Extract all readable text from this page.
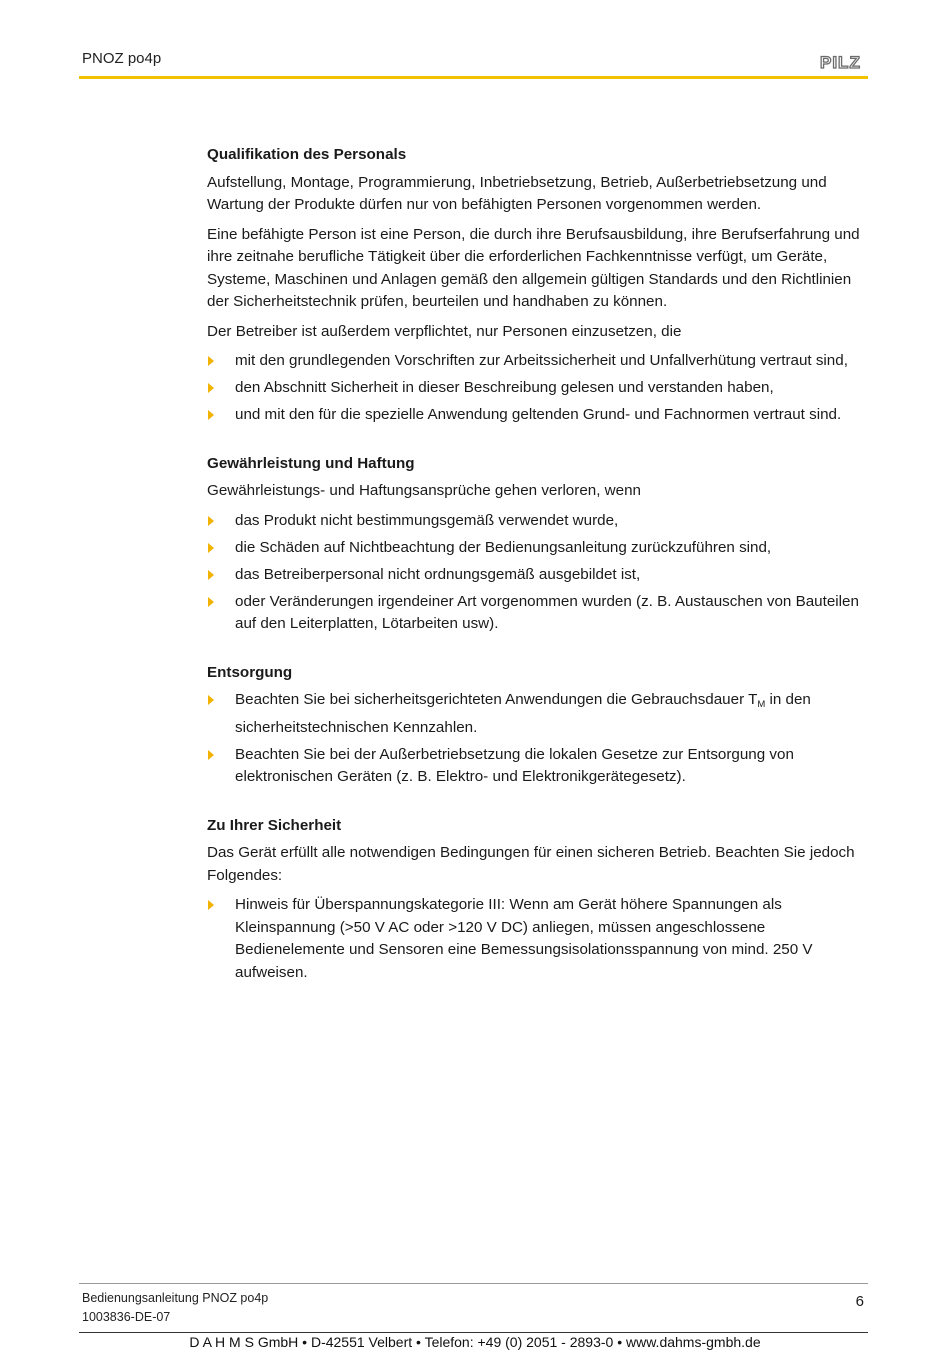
PNOZ po4p	PILZ
Qualifikation des Personals

Aufstellung, Montage, Programmierung, Inbetriebsetzung, Betrieb, Außerbetriebsetzung und Wartung der Produkte dürfen nur von befähigten Personen vorgenommen werden.

Eine befähigte Person ist eine Person, die durch ihre Berufsausbildung, ihre Berufserfahrung und ihre zeitnahe berufliche Tätigkeit über die erforderlichen Fachkenntnisse verfügt, um Geräte, Systeme, Maschinen und Anlagen gemäß den allgemein gültigen Standards und den Richtlinien der Sicherheitstechnik prüfen, beurteilen und handhaben zu können.

Der Betreiber ist außerdem verpflichtet, nur Personen einzusetzen, die

mit den grundlegenden Vorschriften zur Arbeitssicherheit und Unfallverhütung vertraut sind,
den Abschnitt Sicherheit in dieser Beschreibung gelesen und verstanden haben,
und mit den für die spezielle Anwendung geltenden Grund- und Fachnormen vertraut sind.
Gewährleistung und Haftung

Gewährleistungs- und Haftungsansprüche gehen verloren, wenn

das Produkt nicht bestimmungsgemäß verwendet wurde,
die Schäden auf Nichtbeachtung der Bedienungsanleitung zurückzuführen sind,
das Betreiberpersonal nicht ordnungsgemäß ausgebildet ist,
oder Veränderungen irgendeiner Art vorgenommen wurden (z. B. Austauschen von Bauteilen auf den Leiterplatten, Lötarbeiten usw).
Entsorgung
Beachten Sie bei sicherheitsgerichteten Anwendungen die Gebrauchsdauer $T_M$ in den sicherheitstechnischen Kennzahlen.
Beachten Sie bei der Außerbetriebsetzung die lokalen Gesetze zur Entsorgung von elektronischen Geräten (z. B. Elektro- und Elektronikgerätegesetz).
Zu Ihrer Sicherheit

Das Gerät erfüllt alle notwendigen Bedingungen für einen sicheren Betrieb. Beachten Sie jedoch Folgendes:

Hinweis für Überspannungskategorie III: Wenn am Gerät höhere Spannungen als Kleinspannung (>50 V AC oder >120 V DC) anliegen, müssen angeschlossene Bedienelemente und Sensoren eine Bemessungsisolationsspannung von mind. 250 V aufweisen.
Bedienungsanleitung PNOZ po4p
1003836-DE-07
6
D A H M S GmbH • D-42551 Velbert • Telefon: +49 (0) 2051 - 2893-0 • www.dahms-gmbh.de
